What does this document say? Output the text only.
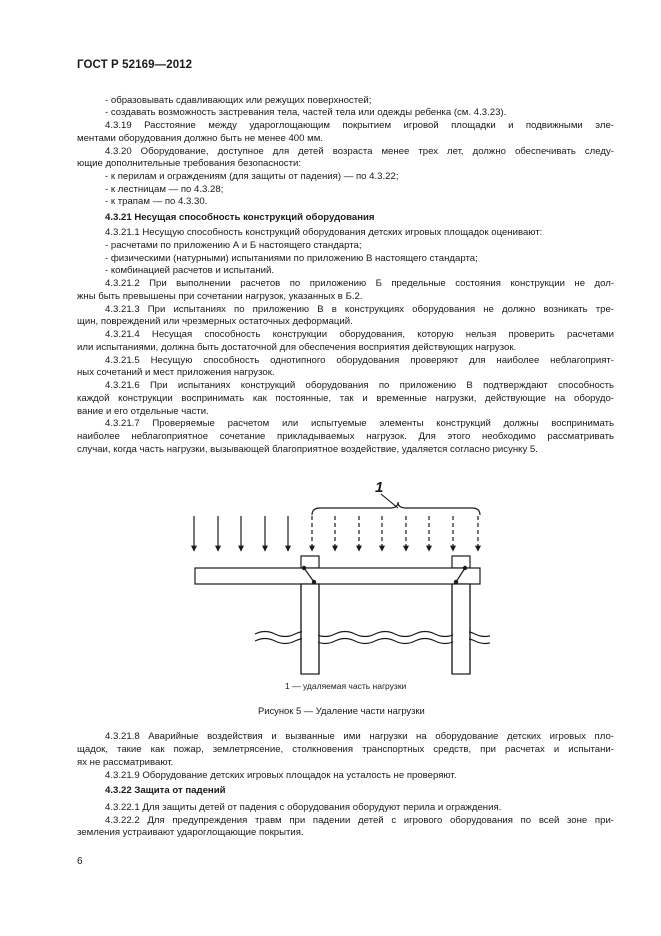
ГОСТ Р 52169—2012
- образовывать сдавливающих или режущих поверхностей;
- создавать возможность застревания тела, частей тела или одежды ребенка (см. 4.3.23).
4.3.19 Расстояние между удароглощающим покрытием игровой площадки и подвижными эле-
ментами оборудования должно быть не менее 400 мм.
4.3.20 Оборудование, доступное для детей возраста менее трех лет, должно обеспечивать следу-
ющие дополнительные требования безопасности:
- к перилам и ограждениям (для защиты от падения) — по 4.3.22;
- к лестницам — по 4.3.28;
- к трапам — по 4.3.30.
4.3.21 Несущая способность конструкций оборудования
4.3.21.1 Несущую способность конструкций оборудования детских игровых площадок оценивают:
- расчетами по приложению А и Б настоящего стандарта;
- физическими (натурными) испытаниями по приложению В настоящего стандарта;
- комбинацией расчетов и испытаний.
4.3.21.2 При выполнении расчетов по приложению Б предельные состояния конструкции не дол-
жны быть превышены при сочетании нагрузок, указанных в Б.2.
4.3.21.3 При испытаниях по приложению В в конструкциях оборудования не должно возникать тре-
щин, повреждений или чрезмерных остаточных деформаций.
4.3.21.4 Несущая способность конструкции оборудования, которую нельзя проверить расчетами
или испытаниями, должна быть достаточной для обеспечения восприятия действующих нагрузок.
4.3.21.5 Несущую способность однотипного оборудования проверяют для наиболее неблагоприят-
ных сочетаний и мест приложения нагрузок.
4.3.21.6 При испытаниях конструкций оборудования по приложению В подтверждают способность
каждой конструкции воспринимать как постоянные, так и временные нагрузки, действующие на оборудо-
вание и его отдельные части.
4.3.21.7 Проверяемые расчетом или испытуемые элементы конструкций должны воспринимать
наиболее неблагоприятное сочетание прикладываемых нагрузок. Для этого необходимо рассматривать
случаи, когда часть нагрузки, вызывающей благоприятное воздействие, удаляется согласно рисунку 5.
1
1 — удаляемая часть нагрузки
Рисунок 5 — Удаление части нагрузки
4.3.21.8 Аварийные воздействия и вызванные ими нагрузки на оборудование детских игровых пло-
щадок, такие как пожар, землетрясение, столкновения транспортных средств, при расчетах и испытани-
ях не рассматривают.
4.3.21.9 Оборудование детских игровых площадок на усталость не проверяют.
4.3.22 Защита от падений
4.3.22.1 Для защиты детей от падения с оборудования оборудуют перила и ограждения.
4.3.22.2 Для предупреждения травм при падении детей с игрового оборудования по всей зоне при-
земления устраивают удароглощающие покрытия.
6
